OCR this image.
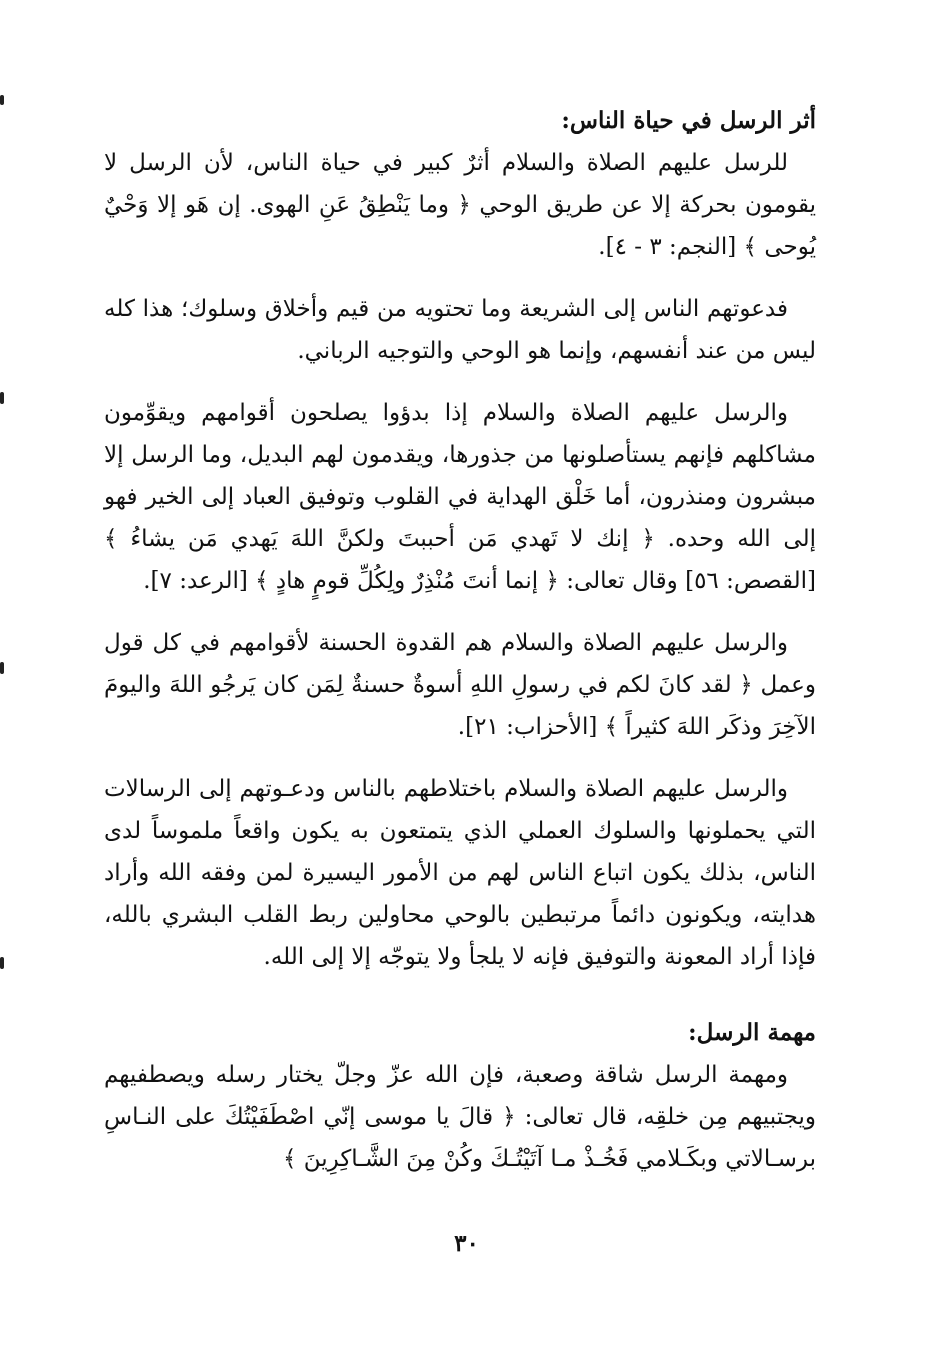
أثر الرسل في حياة الناس:

للرسل عليهم الصلاة والسلام أثرٌ كبير في حياة الناس، لأن الرسل لا يقومون بحركة إلا عن طريق الوحي ﴿ وما يَنْطِقُ عَنِ الهوى. إن هَو إلا وَحْيٌ يُوحى ﴾ [النجم: ٣ - ٤].

فدعوتهم الناس إلى الشريعة وما تحتويه من قيم وأخلاق وسلوك؛ هذا كله ليس من عند أنفسهم، وإنما هو الوحي والتوجيه الرباني.

والرسل عليهم الصلاة والسلام إذا بدؤوا يصلحون أقوامهم ويقوِّمون مشاكلهم فإنهم يستأصلونها من جذورها، ويقدمون لهم البديل، وما الرسل إلا مبشرون ومنذرون، أما خَلْق الهداية في القلوب وتوفيق العباد إلى الخير فهو إلى الله وحده. ﴿ إنك لا تَهدي مَن أحببتَ ولكنَّ اللهَ يَهدي مَن يشاءُ ﴾ [القصص: ٥٦] وقال تعالى: ﴿ إنما أنتَ مُنْذِرٌ ولِكُلِّ قومٍ هادٍ ﴾ [الرعد: ٧].

والرسل عليهم الصلاة والسلام هم القدوة الحسنة لأقوامهم في كل قول وعمل ﴿ لقد كانَ لكم في رسولِ اللهِ أسوةٌ حسنةٌ لِمَن كان يَرجُو اللهَ واليومَ الآخِرَ وذكَر اللهَ كثيراً ﴾ [الأحزاب: ٢١].

والرسل عليهم الصلاة والسلام باختلاطهم بالناس ودعـوتهم إلى الرسالات التي يحملونها والسلوك العملي الذي يتمتعون به يكون واقعاً ملموساً لدى الناس، بذلك يكون اتباع الناس لهم من الأمور اليسيرة لمن وفقه الله وأراد هدايته، ويكونون دائماً مرتبطين بالوحي محاولين ربط القلب البشري بالله، فإذا أراد المعونة والتوفيق فإنه لا يلجأ ولا يتوجّه إلا إلى الله.

مهمة الرسل:

ومهمة الرسل شاقة وصعبة، فإن الله عزّ وجلّ يختار رسله ويصطفيهم ويجتبيهم مِن خلقِه، قال تعالى: ﴿ قالَ يا موسى إنّي اصْطَفَيْتُكَ على النـاسِ برسـالاتي وبكَـلامي فَخُـذْ مـا آتَيْتُـكَ وكُنْ مِنَ الشَّـاكِرِينَ ﴾

٣٠
